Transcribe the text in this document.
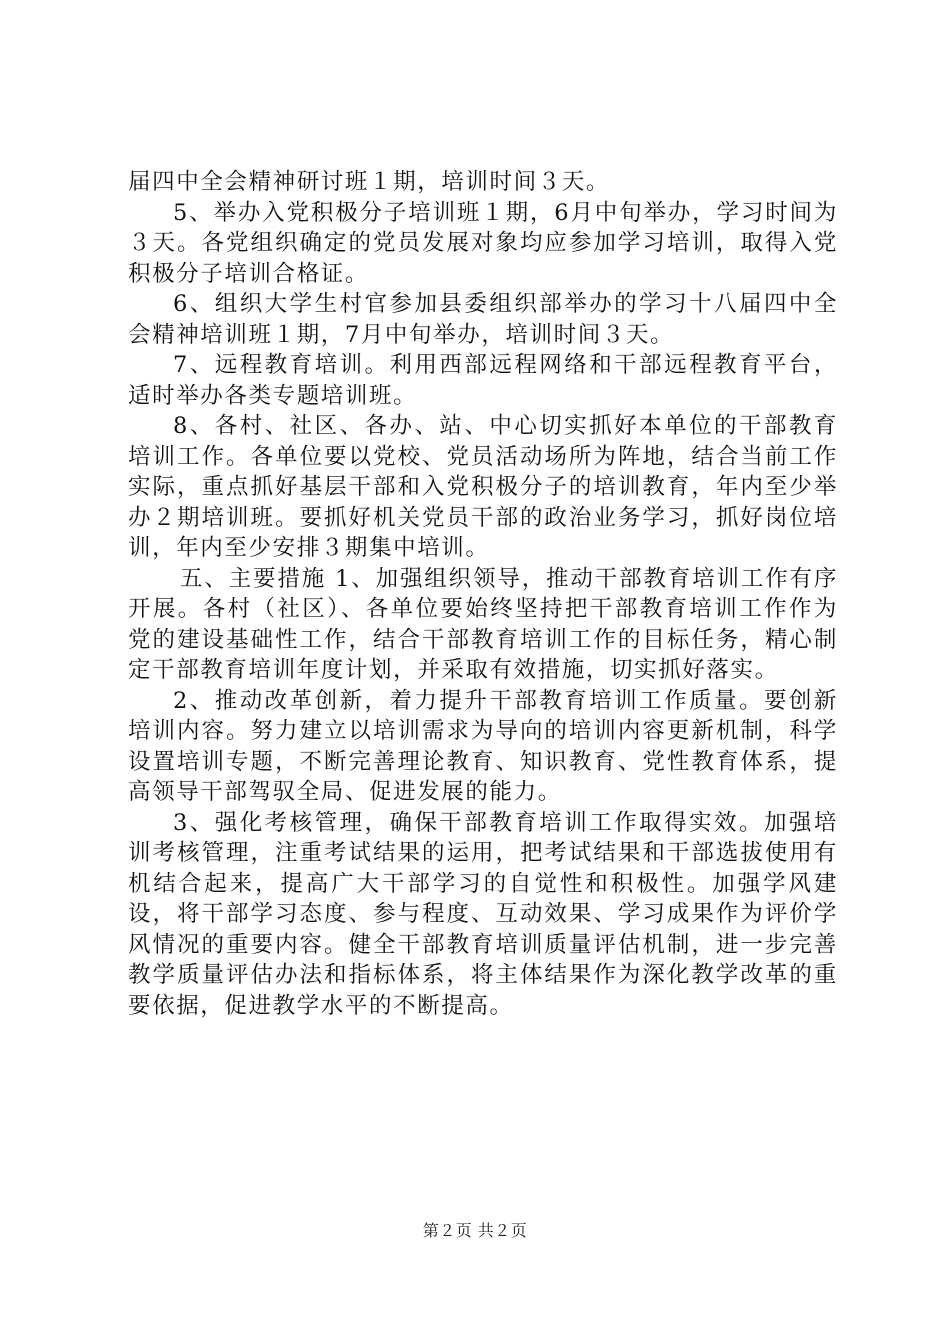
届四中全会精神研讨班１期，培训时间３天。

5、举办入党积极分子培训班１期，6月中旬举办，学习时间为３天。各党组织确定的党员发展对象均应参加学习培训，取得入党积极分子培训合格证。

6、组织大学生村官参加县委组织部举办的学习十八届四中全会精神培训班１期，7月中旬举办，培训时间３天。

7、远程教育培训。利用西部远程网络和干部远程教育平台，适时举办各类专题培训班。

8、各村、社区、各办、站、中心切实抓好本单位的干部教育培训工作。各单位要以党校、党员活动场所为阵地，结合当前工作实际，重点抓好基层干部和入党积极分子的培训教育，年内至少举办２期培训班。要抓好机关党员干部的政治业务学习，抓好岗位培训，年内至少安排３期集中培训。

五、主要措施 1、加强组织领导，推动干部教育培训工作有序开展。各村（社区）、各单位要始终坚持把干部教育培训工作作为党的建设基础性工作，结合干部教育培训工作的目标任务，精心制定干部教育培训年度计划，并采取有效措施，切实抓好落实。

2、推动改革创新，着力提升干部教育培训工作质量。要创新培训内容。努力建立以培训需求为导向的培训内容更新机制，科学设置培训专题，不断完善理论教育、知识教育、党性教育体系，提高领导干部驾驭全局、促进发展的能力。

3、强化考核管理，确保干部教育培训工作取得实效。加强培训考核管理，注重考试结果的运用，把考试结果和干部选拔使用有机结合起来，提高广大干部学习的自觉性和积极性。加强学风建设，将干部学习态度、参与程度、互动效果、学习成果作为评价学风情况的重要内容。健全干部教育培训质量评估机制，进一步完善教学质量评估办法和指标体系，将主体结果作为深化教学改革的重要依据，促进教学水平的不断提高。

第２页 共２页
